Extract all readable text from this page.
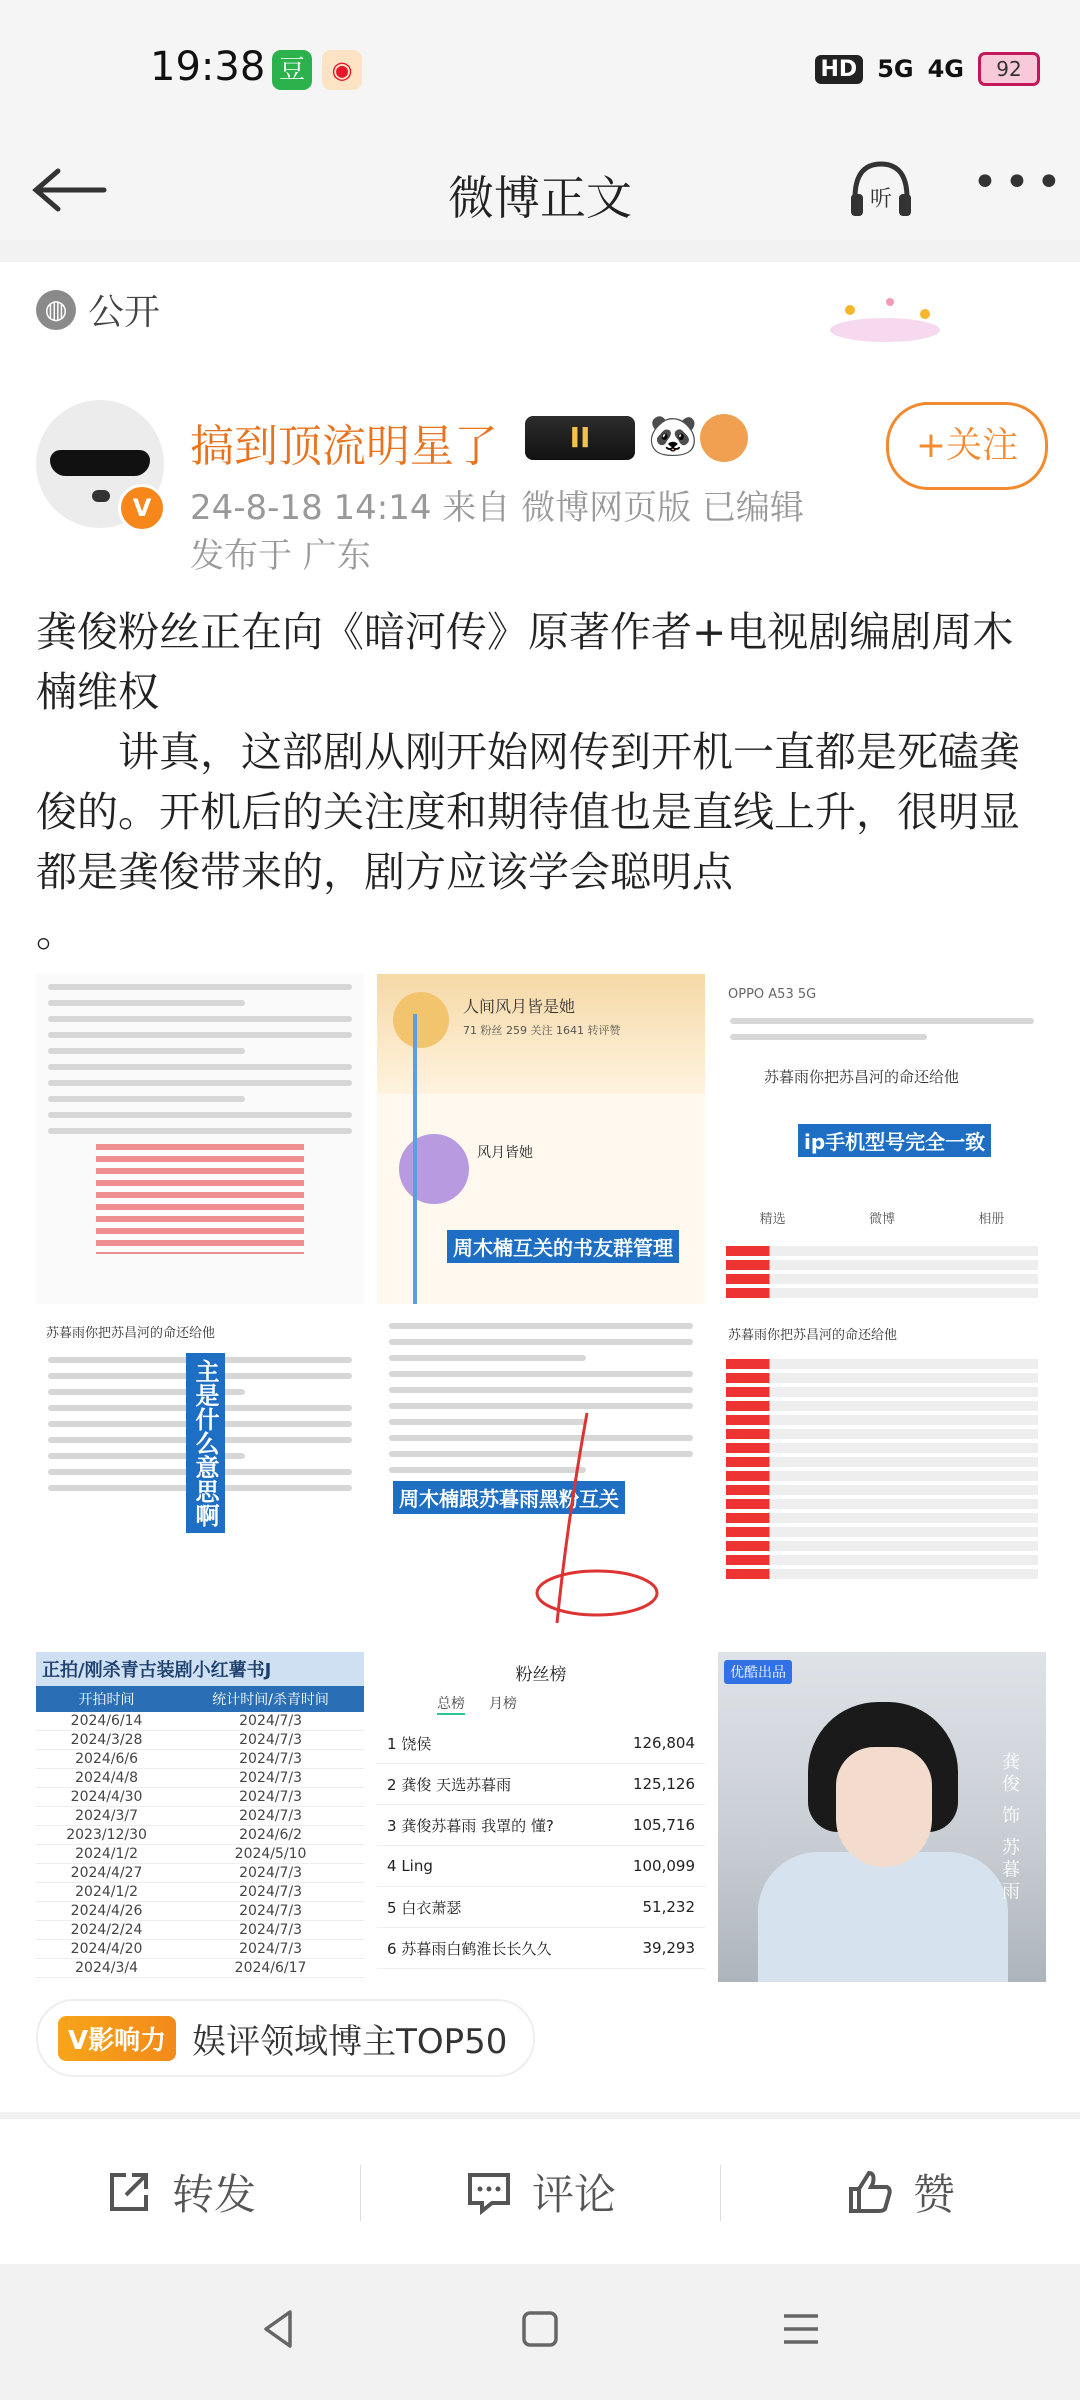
19:38 豆	◉	HD 5G 4G	92
微博正文	听 •••
◍ 公开
V
搞到顶流明星了	II	🐼
24-8-18 14:14 来自 微博网页版 已编辑
发布于 广东
+关注

龚俊粉丝正在向《暗河传》原著作者+电视剧编剧周木楠维权

讲真，这部剧从刚开始网传到开机一直都是死磕龚俊的。开机后的关注度和期待值也是直线上升，很明显都是龚俊带来的，剧方应该学会聪明点

。

人间风月皆是她
71 粉丝 259 关注 1641 转评赞
风月皆她
周木楠互关的书友群管理
OPPO A53 5G
苏暮雨你把苏昌河的命还给他
ip手机型号完全一致
精选	微博	相册
苏暮雨你把苏昌河的命还给他
主是什么意思啊	周木楠跟苏暮雨黑粉互关
苏暮雨你把苏昌河的命还给他
正拍/刚杀青古装剧小红薯书J
开拍时间	统计时间/杀青时间
2024/6/14	2024/7/3
2024/3/28	2024/7/3
2024/6/6	2024/7/3
2024/4/8	2024/7/3
2024/4/30	2024/7/3
2024/3/7	2024/7/3
2023/12/30	2024/6/2
2024/1/2	2024/5/10
2024/4/27	2024/7/3
2024/1/2	2024/7/3
2024/4/26	2024/7/3
2024/2/24	2024/7/3
2024/4/20	2024/7/3
2024/3/4	2024/6/17
粉丝榜
总榜 月榜
1 饶侯	126,804
2 龚俊 天选苏暮雨	125,126
3 龚俊苏暮雨 我罩的 懂?	105,716
4 Ling	100,099
5 白衣萧瑟	51,232
6 苏暮雨白鹤淮长长久久	39,293
优酷出品
龚俊 饰 苏暮雨
V影响力 娱评领域博主TOP50
转发	评论	赞
